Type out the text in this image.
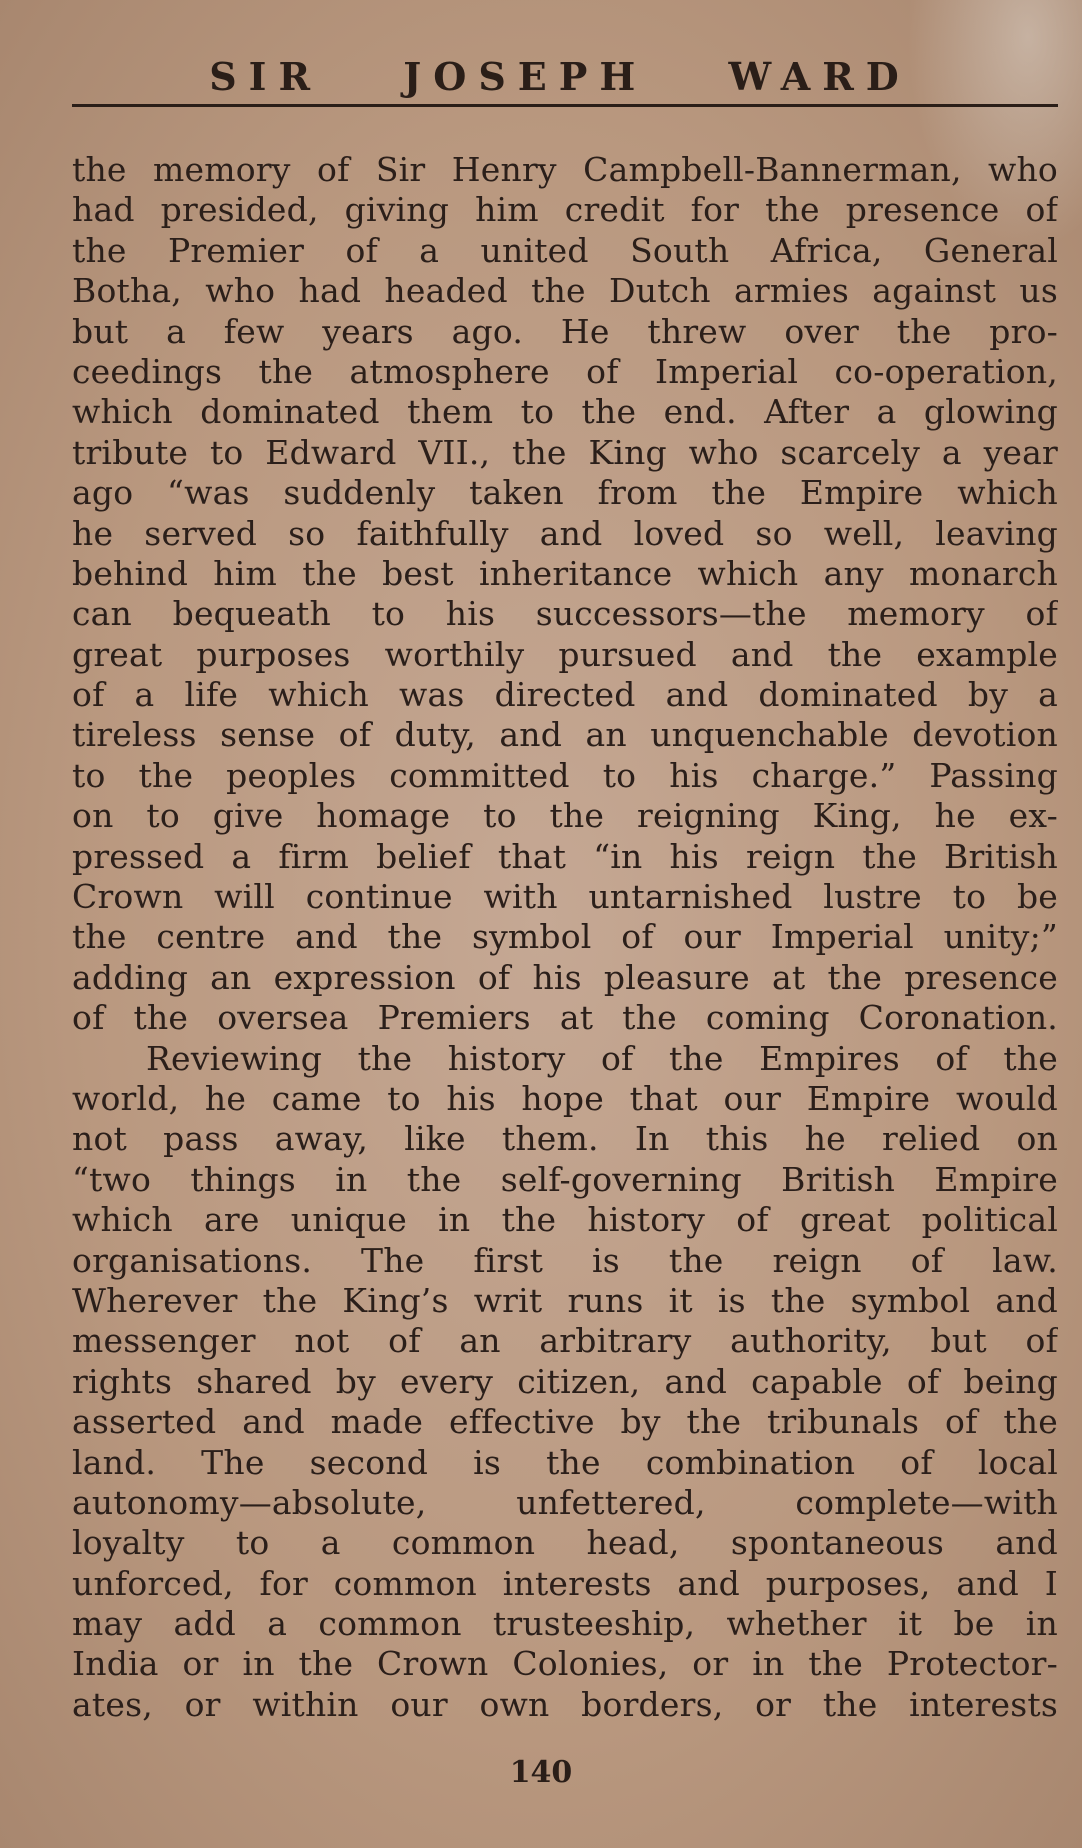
SIR JOSEPH WARD
the memory of Sir Henry Campbell-Bannerman, who
had presided, giving him credit for the presence of
the Premier of a united South Africa, General
Botha, who had headed the Dutch armies against us
but a few years ago. He threw over the pro-
ceedings the atmosphere of Imperial co-operation,
which dominated them to the end. After a glowing
tribute to Edward VII., the King who scarcely a year
ago “was suddenly taken from the Empire which
he served so faithfully and loved so well, leaving
behind him the best inheritance which any monarch
can bequeath to his successors—the memory of
great purposes worthily pursued and the example
of a life which was directed and dominated by a
tireless sense of duty, and an unquenchable devotion
to the peoples committed to his charge.” Passing
on to give homage to the reigning King, he ex-
pressed a firm belief that “in his reign the British
Crown will continue with untarnished lustre to be
the centre and the symbol of our Imperial unity;”
adding an expression of his pleasure at the presence
of the oversea Premiers at the coming Coronation.
Reviewing the history of the Empires of the
world, he came to his hope that our Empire would
not pass away, like them. In this he relied on
“two things in the self-governing British Empire
which are unique in the history of great political
organisations. The first is the reign of law.
Wherever the King’s writ runs it is the symbol and
messenger not of an arbitrary authority, but of
rights shared by every citizen, and capable of being
asserted and made effective by the tribunals of the
land. The second is the combination of local
autonomy—absolute, unfettered, complete—with
loyalty to a common head, spontaneous and
unforced, for common interests and purposes, and I
may add a common trusteeship, whether it be in
India or in the Crown Colonies, or in the Protector-
ates, or within our own borders, or the interests
140
